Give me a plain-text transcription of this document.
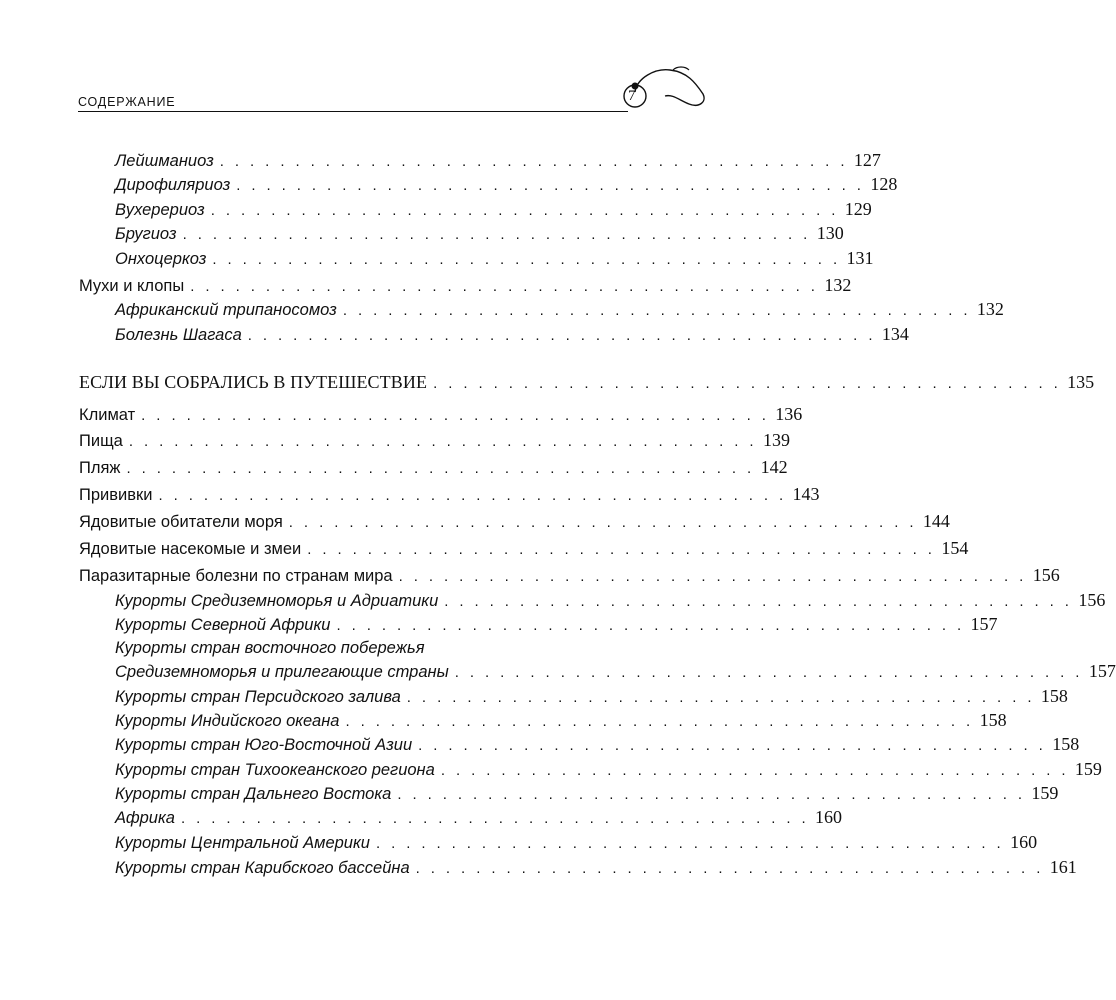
СОДЕРЖАНИЕ	7
Лейшманиоз . . . . . . . . . . . . . . . . . . . . . . . . . . . . . . . . . . . . . . . . . . 127
Дирофиляриоз . . . . . . . . . . . . . . . . . . . . . . . . . . . . . . . . . . . . . . . . . . 128
Вухерериоз . . . . . . . . . . . . . . . . . . . . . . . . . . . . . . . . . . . . . . . . . . 129
Бругиоз . . . . . . . . . . . . . . . . . . . . . . . . . . . . . . . . . . . . . . . . . . 130
Онхоцеркоз . . . . . . . . . . . . . . . . . . . . . . . . . . . . . . . . . . . . . . . . . . 131
Мухи и клопы . . . . . . . . . . . . . . . . . . . . . . . . . . . . . . . . . . . . . . . . . . 132
Африканский трипаносомоз . . . . . . . . . . . . . . . . . . . . . . . . . . . . . . . . . . . . . . . . . . 132
Болезнь Шагаса . . . . . . . . . . . . . . . . . . . . . . . . . . . . . . . . . . . . . . . . . . 134
ЕСЛИ ВЫ СОБРАЛИСЬ В ПУТЕШЕСТВИЕ . . . . . . . . . . . . . . . . . . . . . . . . . . . . . . . . . . . . . . . . . . 135
Климат . . . . . . . . . . . . . . . . . . . . . . . . . . . . . . . . . . . . . . . . . . 136
Пища . . . . . . . . . . . . . . . . . . . . . . . . . . . . . . . . . . . . . . . . . . 139
Пляж . . . . . . . . . . . . . . . . . . . . . . . . . . . . . . . . . . . . . . . . . . 142
Прививки . . . . . . . . . . . . . . . . . . . . . . . . . . . . . . . . . . . . . . . . . . 143
Ядовитые обитатели моря . . . . . . . . . . . . . . . . . . . . . . . . . . . . . . . . . . . . . . . . . . 144
Ядовитые насекомые и змеи . . . . . . . . . . . . . . . . . . . . . . . . . . . . . . . . . . . . . . . . . . 154
Паразитарные болезни по странам мира . . . . . . . . . . . . . . . . . . . . . . . . . . . . . . . . . . . . . . . . . . 156
Курорты Средиземноморья и Адриатики . . . . . . . . . . . . . . . . . . . . . . . . . . . . . . . . . . . . . . . . . . 156
Курорты Северной Африки . . . . . . . . . . . . . . . . . . . . . . . . . . . . . . . . . . . . . . . . . . 157
Курорты стран восточного побережья
Средиземноморья и прилегающие страны . . . . . . . . . . . . . . . . . . . . . . . . . . . . . . . . . . . . . . . . . . 157
Курорты стран Персидского залива . . . . . . . . . . . . . . . . . . . . . . . . . . . . . . . . . . . . . . . . . . 158
Курорты Индийского океана . . . . . . . . . . . . . . . . . . . . . . . . . . . . . . . . . . . . . . . . . . 158
Курорты стран Юго-Восточной Азии . . . . . . . . . . . . . . . . . . . . . . . . . . . . . . . . . . . . . . . . . . 158
Курорты стран Тихоокеанского региона . . . . . . . . . . . . . . . . . . . . . . . . . . . . . . . . . . . . . . . . . . 159
Курорты стран Дальнего Востока . . . . . . . . . . . . . . . . . . . . . . . . . . . . . . . . . . . . . . . . . . 159
Африка . . . . . . . . . . . . . . . . . . . . . . . . . . . . . . . . . . . . . . . . . . 160
Курорты Центральной Америки . . . . . . . . . . . . . . . . . . . . . . . . . . . . . . . . . . . . . . . . . . 160
Курорты стран Карибского бассейна . . . . . . . . . . . . . . . . . . . . . . . . . . . . . . . . . . . . . . . . . . 161
